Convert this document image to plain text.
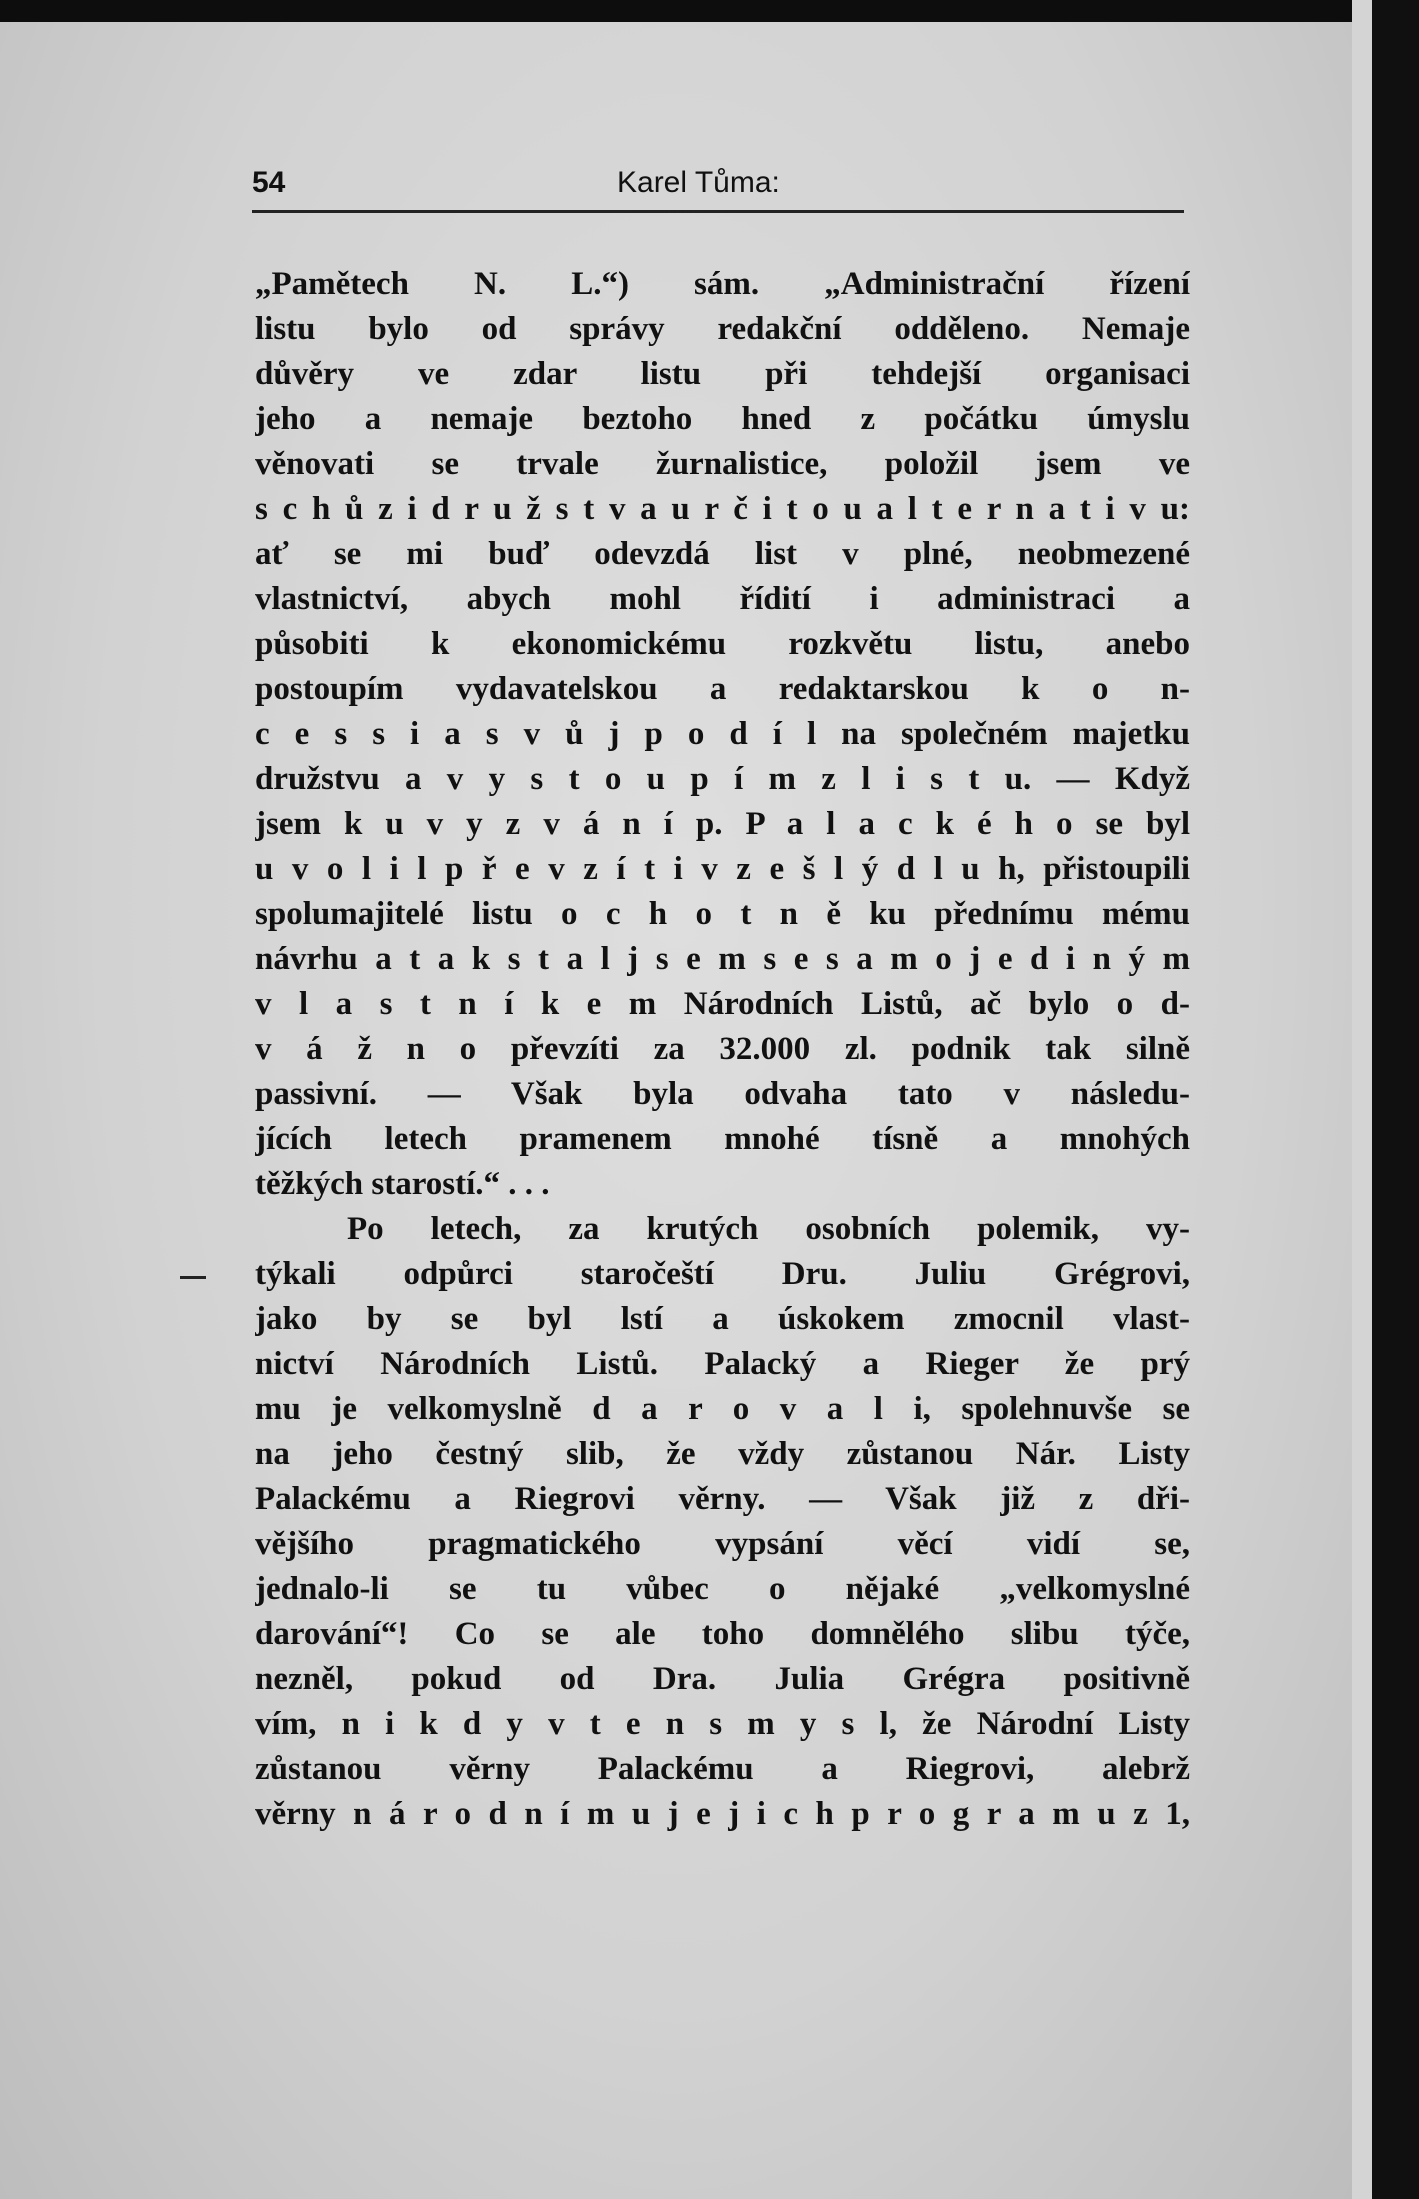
54	Karel Tůma:
„Pamětech N. L.“) sám. „Administrační řízení
listu bylo od správy redakční odděleno. Nemaje
důvěry ve zdar listu při tehdejší organisaci
jeho a nemaje beztoho hned z počátku úmyslu
věnovati se trvale žurnalistice, položil jsem ve
s c h ů z i d r u ž s t v a u r č i t o u a l t e r n a t i v u:
ať se mi buď odevzdá list v plné, neobmezené
vlastnictví, abych mohl řídití i administraci a
působiti k ekonomickému rozkvětu listu, anebo
postoupím vydavatelskou a redaktarskou k o n-
c e s s i a s v ů j p o d í l na společném majetku
družstvu a v y s t o u p í m z l i s t u. — Když
jsem k u v y z v á n í p. P a l a c k é h o se byl
u v o l i l p ř e v z í t i v z e š l ý d l u h, přistoupili
spolumajitelé listu o c h o t n ě ku přednímu mému
návrhu a t a k s t a l j s e m s e s a m o j e d i n ý m
v l a s t n í k e m Národních Listů, ač bylo o d-
v á ž n o převzíti za 32.000 zl. podnik tak silně
passivní. — Však byla odvaha tato v následu-
jících letech pramenem mnohé tísně a mnohých
těžkých starostí.“ . . .
Po letech, za krutých osobních polemik, vy-
týkali odpůrci staročeští Dru. Juliu Grégrovi,
jako by se byl lstí a úskokem zmocnil vlast-
nictví Národních Listů. Palacký a Rieger že prý
mu je velkomyslně d a r o v a l i, spolehnuvše se
na jeho čestný slib, že vždy zůstanou Nár. Listy
Palackému a Riegrovi věrny. — Však již z dři-
vějšího pragmatického vypsání věcí vidí se,
jednalo-li se tu vůbec o nějaké „velkomyslné
darování“! Co se ale toho domnělého slibu týče,
nezněl, pokud od Dra. Julia Grégra positivně
vím, n i k d y v t e n s m y s l, že Národní Listy
zůstanou věrny Palackému a Riegrovi, alebrž
věrny n á r o d n í m u j e j i c h p r o g r a m u z 1,
